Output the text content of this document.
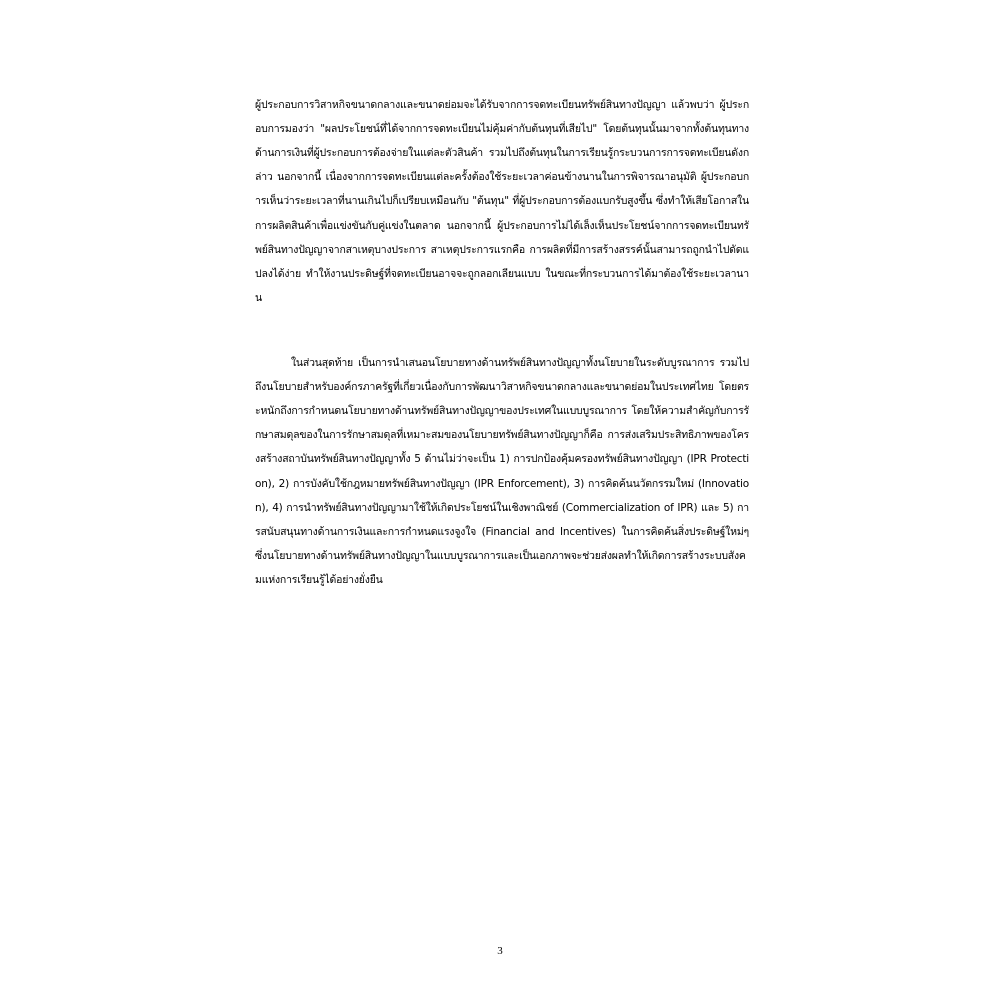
ผู้ประกอบการวิสาหกิจขนาดกลางและขนาดย่อมจะได้รับจากการจดทะเบียนทรัพย์สินทางปัญญา แล้วพบว่า ผู้ประกอบการมองว่า "ผลประโยชน์ที่ได้จากการจดทะเบียนไม่คุ้มค่ากับต้นทุนที่เสียไป" โดยต้นทุนนั้นมาจากทั้งต้นทุนทางด้านการเงินที่ผู้ประกอบการต้องจ่ายในแต่ละตัวสินค้า รวมไปถึงต้นทุนในการเรียนรู้กระบวนการการจดทะเบียนดังกล่าว นอกจากนี้ เนื่องจากการจดทะเบียนแต่ละครั้งต้องใช้ระยะเวลาค่อนข้างนานในการพิจารณาอนุมัติ ผู้ประกอบการเห็นว่าระยะเวลาที่นานเกินไปก็เปรียบเหมือนกับ "ต้นทุน" ที่ผู้ประกอบการต้องแบกรับสูงขึ้น ซึ่งทำให้เสียโอกาสในการผลิตสินค้าเพื่อแข่งขันกับคู่แข่งในตลาด นอกจากนี้ ผู้ประกอบการไม่ได้เล็งเห็นประโยชน์จากการจดทะเบียนทรัพย์สินทางปัญญาจากสาเหตุบางประการ สาเหตุประการแรกคือ การผลิตที่มีการสร้างสรรค์นั้นสามารถถูกนำไปดัดแปลงได้ง่าย ทำให้งานประดิษฐ์ที่จดทะเบียนอาจจะถูกลอกเลียนแบบ ในขณะที่กระบวนการได้มาต้องใช้ระยะเวลานาน

ในส่วนสุดท้าย เป็นการนำเสนอนโยบายทางด้านทรัพย์สินทางปัญญาทั้งนโยบายในระดับบูรณาการ รวมไปถึงนโยบายสำหรับองค์กรภาครัฐที่เกี่ยวเนื่องกับการพัฒนาวิสาหกิจขนาดกลางและขนาดย่อมในประเทศไทย โดยตระหนักถึงการกำหนดนโยบายทางด้านทรัพย์สินทางปัญญาของประเทศในแบบบูรณาการ โดยให้ความสำคัญกับการรักษาสมดุลของในการรักษาสมดุลที่เหมาะสมของนโยบายทรัพย์สินทางปัญญาก็คือ การส่งเสริมประสิทธิภาพของโครงสร้างสถาบันทรัพย์สินทางปัญญาทั้ง 5 ด้านไม่ว่าจะเป็น 1) การปกป้องคุ้มครองทรัพย์สินทางปัญญา (IPR Protection), 2) การบังคับใช้กฎหมายทรัพย์สินทางปัญญา (IPR Enforcement), 3) การคิดค้นนวัตกรรมใหม่ (Innovation), 4) การนำทรัพย์สินทางปัญญามาใช้ให้เกิดประโยชน์ในเชิงพาณิชย์ (Commercialization of IPR) และ 5) การสนับสนุนทางด้านการเงินและการกำหนดแรงจูงใจ (Financial and Incentives) ในการคิดค้นสิ่งประดิษฐ์ใหม่ๆ ซึ่งนโยบายทางด้านทรัพย์สินทางปัญญาในแบบบูรณาการและเป็นเอกภาพจะช่วยส่งผลทำให้เกิดการสร้างระบบสังคมแห่งการเรียนรู้ได้อย่างยั่งยืน

3
